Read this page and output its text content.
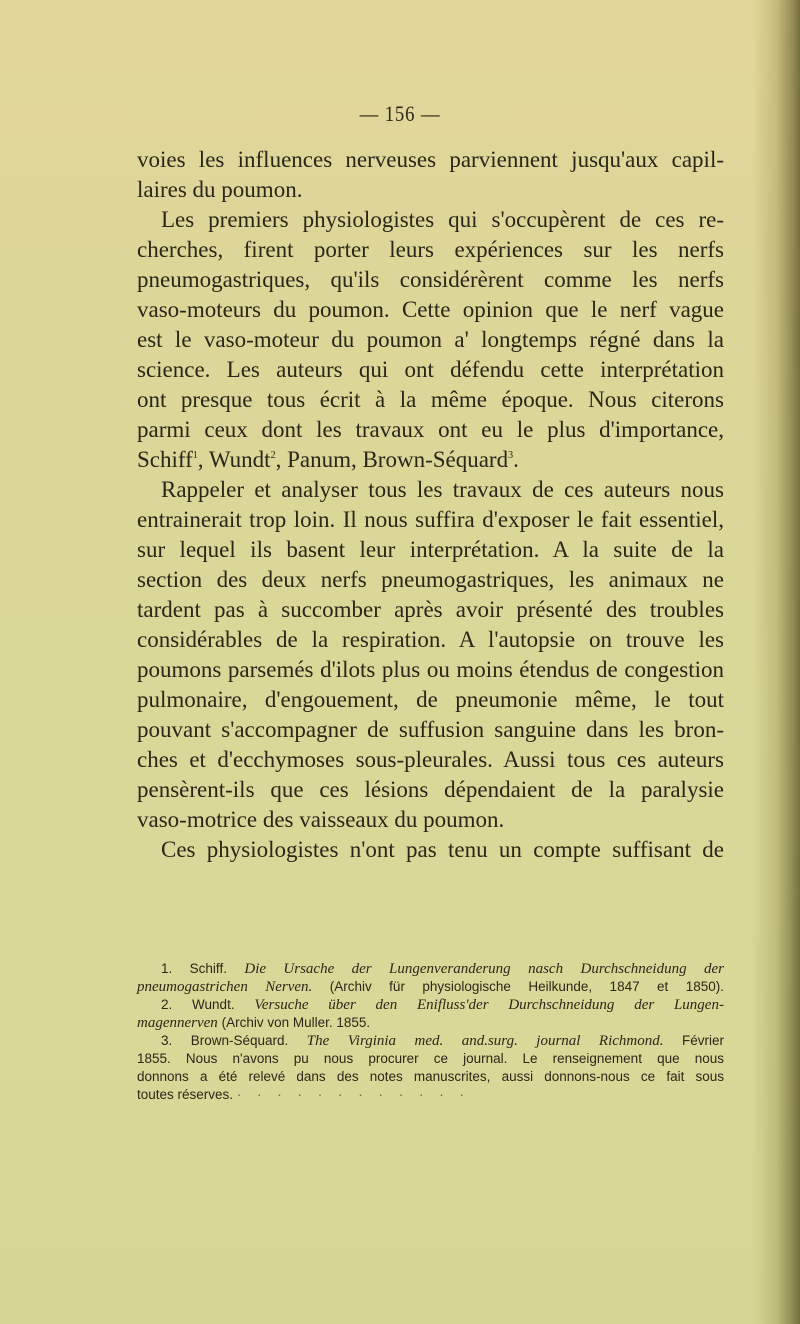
— 156 —
voies les influences nerveuses parviennent jusqu'aux capil-
laires du poumon.
Les premiers physiologistes qui s'occupèrent de ces re-
cherches, firent porter leurs expériences sur les nerfs
pneumogastriques, qu'ils considérèrent comme les nerfs
vaso-moteurs du poumon. Cette opinion que le nerf vague
est le vaso-moteur du poumon a' longtemps régné dans la
science. Les auteurs qui ont défendu cette interprétation
ont presque tous écrit à la même époque. Nous citerons
parmi ceux dont les travaux ont eu le plus d'importance,
Schiff$^1$, Wundt$^2$, Panum, Brown-Séquard$^3$.
Rappeler et analyser tous les travaux de ces auteurs nous
entrainerait trop loin. Il nous suffira d'exposer le fait essentiel,
sur lequel ils basent leur interprétation. A la suite de la
section des deux nerfs pneumogastriques, les animaux ne
tardent pas à succomber après avoir présenté des troubles
considérables de la respiration. A l'autopsie on trouve les
poumons parsemés d'ilots plus ou moins étendus de congestion
pulmonaire, d'engouement, de pneumonie même, le tout
pouvant s'accompagner de suffusion sanguine dans les bron-
ches et d'ecchymoses sous-pleurales. Aussi tous ces auteurs
pensèrent-ils que ces lésions dépendaient de la paralysie
vaso-motrice des vaisseaux du poumon.
Ces physiologistes n'ont pas tenu un compte suffisant de
1. Schiff. Die Ursache der Lungenveranderung nasch Durchschneidung der
pneumogastrichen Nerven. (Archiv für physiologische Heilkunde, 1847 et 1850).
2. Wundt. Versuche über den Enifluss'der Durchschneidung der Lungen-
magennerven (Archiv von Muller. 1855.
3. Brown-Séquard. The Virginia med. and.surg. journal Richmond. Février
1855. Nous n'avons pu nous procurer ce journal. Le renseignement que nous
donnons a été relevé dans des notes manuscrites, aussi donnons-nous ce fait sous
toutes réserves. · · · · · · · · · · · ·
